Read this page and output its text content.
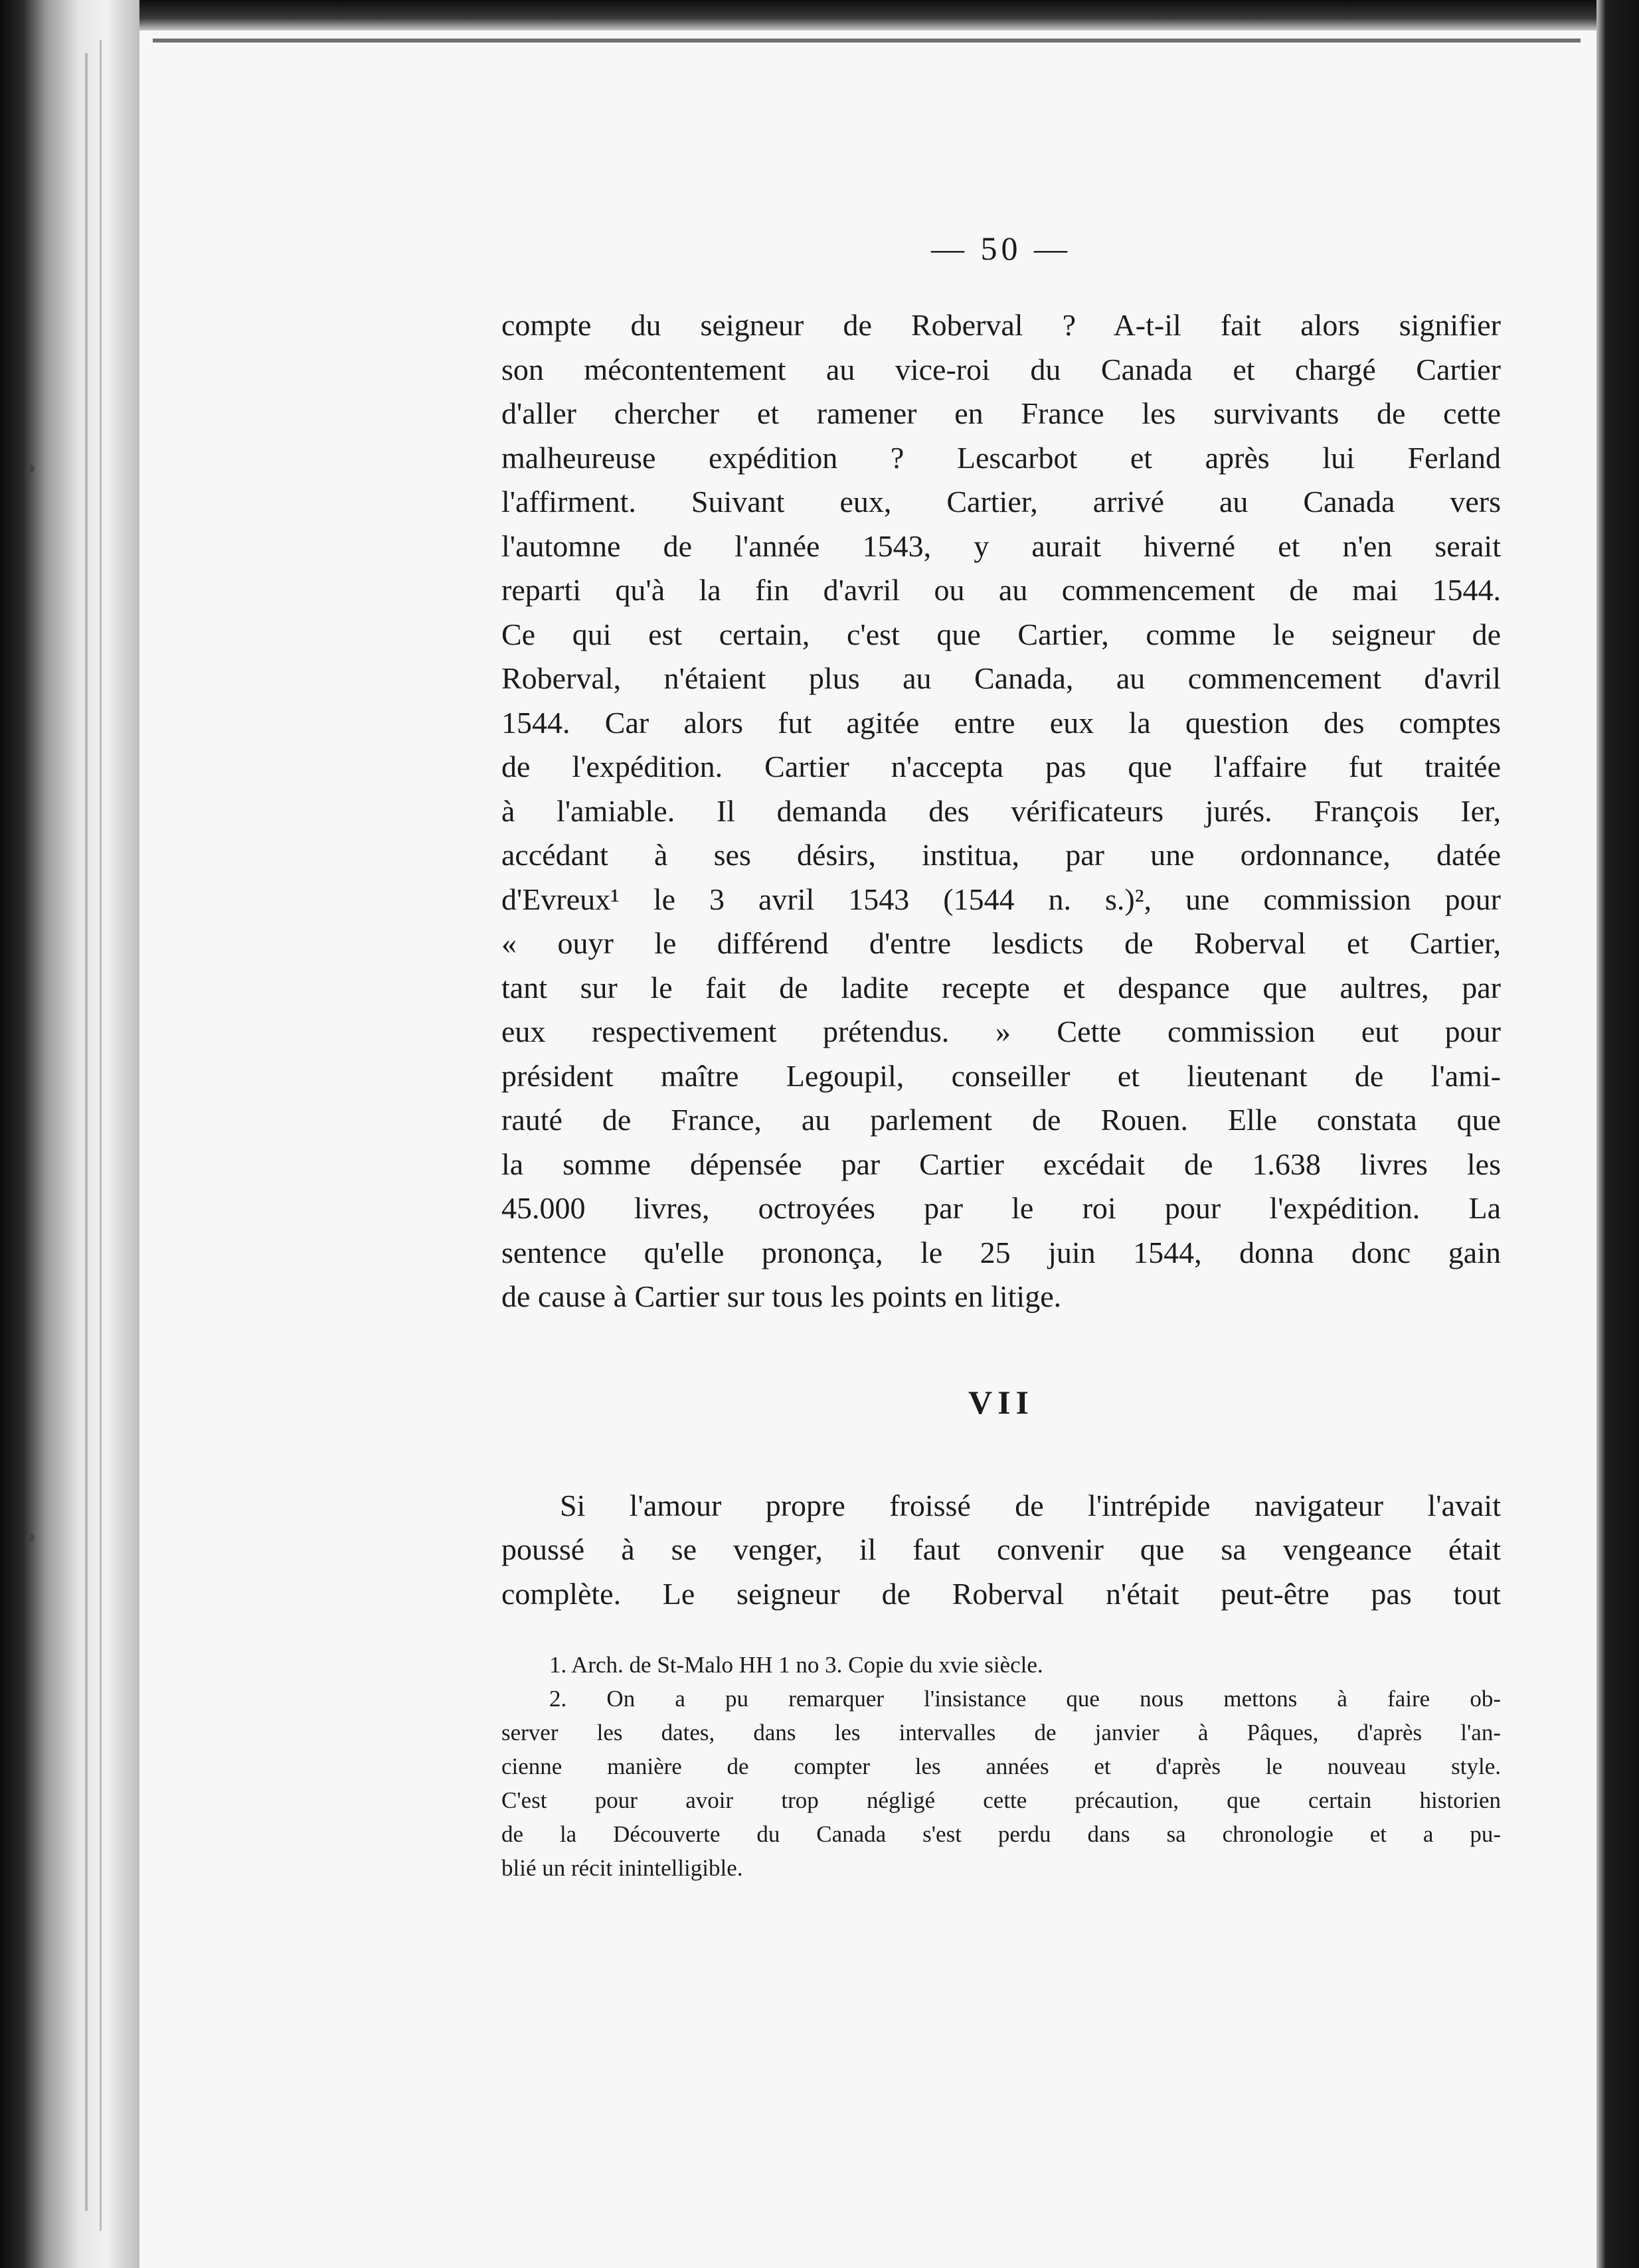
— 50 —
compte du seigneur de Roberval ? A-t-il fait alors signifier
son mécontentement au vice-roi du Canada et chargé Cartier
d'aller chercher et ramener en France les survivants de cette
malheureuse expédition ? Lescarbot et après lui Ferland
l'affirment. Suivant eux, Cartier, arrivé au Canada vers
l'automne de l'année 1543, y aurait hiverné et n'en serait
reparti qu'à la fin d'avril ou au commencement de mai 1544.
Ce qui est certain, c'est que Cartier, comme le seigneur de
Roberval, n'étaient plus au Canada, au commencement d'avril
1544. Car alors fut agitée entre eux la question des comptes
de l'expédition. Cartier n'accepta pas que l'affaire fut traitée
à l'amiable. Il demanda des vérificateurs jurés. François Ier,
accédant à ses désirs, institua, par une ordonnance, datée
d'Evreux¹ le 3 avril 1543 (1544 n. s.)², une commission pour
« ouyr le différend d'entre lesdicts de Roberval et Cartier,
tant sur le fait de ladite recepte et despance que aultres, par
eux respectivement prétendus. » Cette commission eut pour
président maître Legoupil, conseiller et lieutenant de l'ami-
rauté de France, au parlement de Rouen. Elle constata que
la somme dépensée par Cartier excédait de 1.638 livres les
45.000 livres, octroyées par le roi pour l'expédition. La
sentence qu'elle prononça, le 25 juin 1544, donna donc gain
de cause à Cartier sur tous les points en litige.
VII
Si l'amour propre froissé de l'intrépide navigateur l'avait
poussé à se venger, il faut convenir que sa vengeance était
complète. Le seigneur de Roberval n'était peut-être pas tout
1. Arch. de St-Malo HH 1 no 3. Copie du xvie siècle.
2. On a pu remarquer l'insistance que nous mettons à faire ob-
server les dates, dans les intervalles de janvier à Pâques, d'après l'an-
cienne manière de compter les années et d'après le nouveau style.
C'est pour avoir trop négligé cette précaution, que certain historien
de la Découverte du Canada s'est perdu dans sa chronologie et a pu-
blié un récit inintelligible.
